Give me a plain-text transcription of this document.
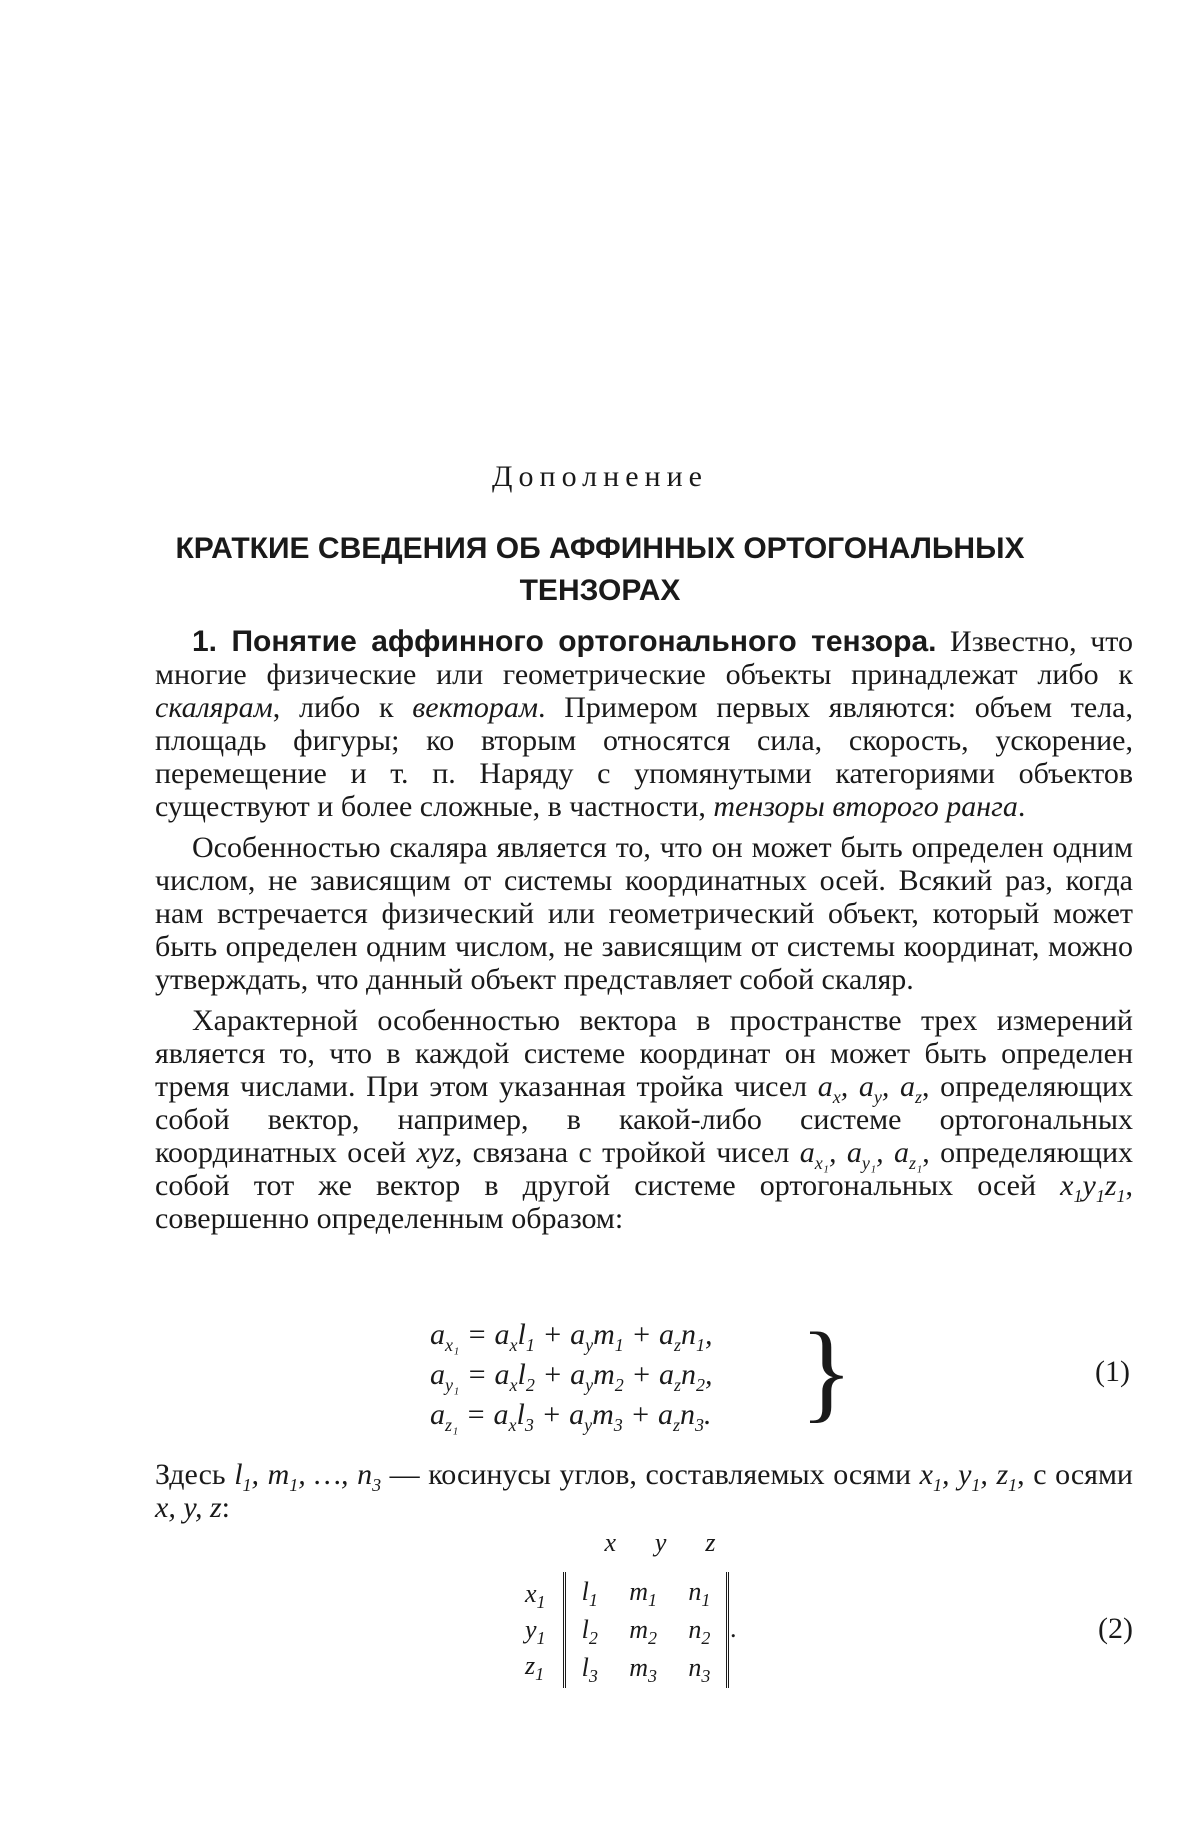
Дополнение
КРАТКИЕ СВЕДЕНИЯ ОБ АФФИННЫХ ОРТОГОНАЛЬНЫХ
ТЕНЗОРАХ

1. Понятие аффинного ортогонального тензора. Известно, что многие физические или геометрические объекты принадлежат либо к скалярам, либо к векторам. Примером первых являются: объем тела, площадь фигуры; ко вторым относятся сила, скорость, ускорение, перемещение и т. п. Наряду с упомянутыми категориями объектов существуют и более сложные, в частности, тензоры второго ранга.

Особенностью скаляра является то, что он может быть определен одним числом, не зависящим от системы координатных осей. Всякий раз, когда нам встречается физический или геометрический объект, который может быть определен одним числом, не зависящим от системы координат, можно утверждать, что данный объект представляет собой скаляр.

Характерной особенностью вектора в пространстве трех измерений является то, что в каждой системе координат он может быть определен тремя числами. При этом указанная тройка чисел $a_x$, $a_y$, $a_z$, определяющих собой вектор, например, в какой-либо системе ортогональных координатных осей xyz, связана с тройкой чисел $a_{x_1}$, $a_{y_1}$, $a_{z_1}$, определяющих собой тот же вектор в другой системе ортогональных осей $x_1y_1z_1$, совершенно определенным образом:

$a_{x_1} = a_xl_1 + a_ym_1 + a_zn_1$,
$a_{y_1} = a_xl_2 + a_ym_2 + a_zn_2$,
$a_{z_1} = a_xl_3 + a_ym_3 + a_zn_3$. }	(1)
Здесь $l_1$, $m_1$, …, $n_3$ — косинусы углов, составляемых осями $x_1$, $y_1$, $z_1$, с осями x, y, z:
x y z
$x_1$
$y_1$
$z_1$
$l_1$ $m_1$ $n_1$
$l_2$ $m_2$ $n_2$
$l_3$ $m_3$ $n_3$
.	(2)
